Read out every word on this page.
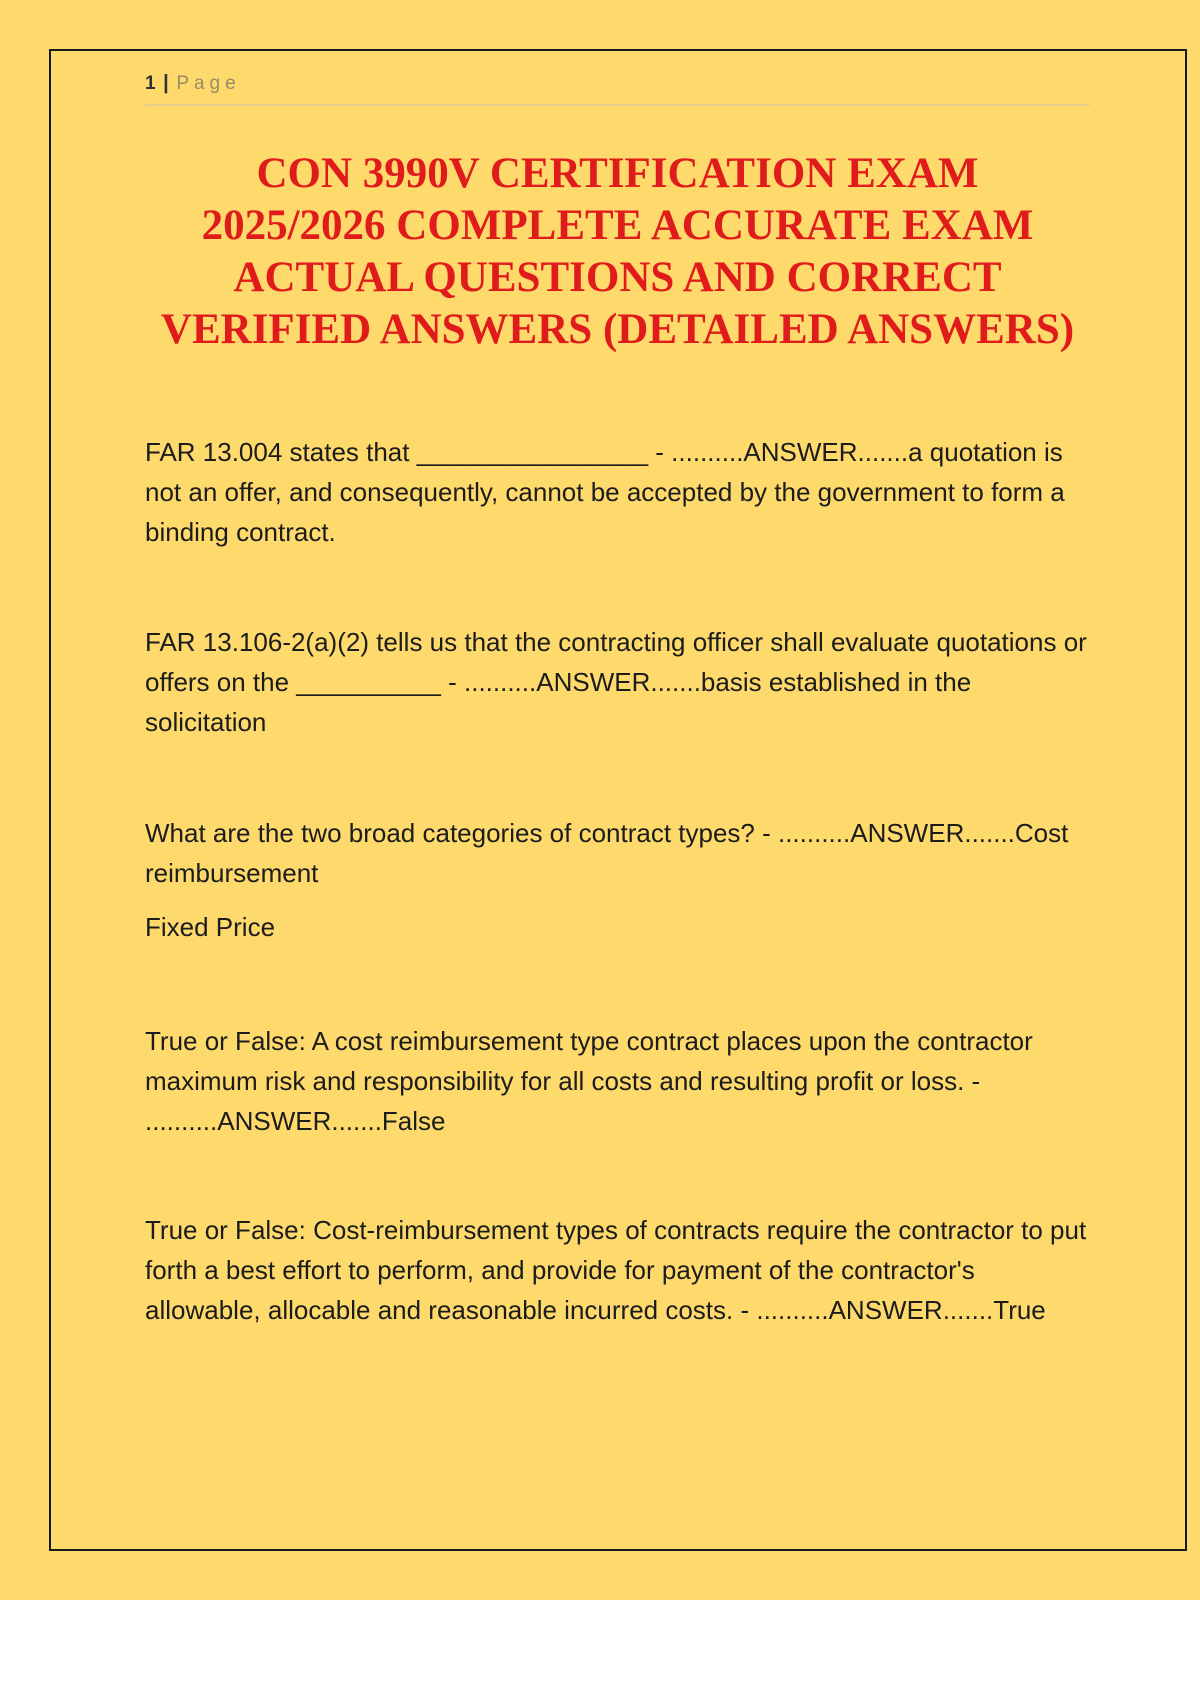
1 | Page
CON 3990V CERTIFICATION EXAM
2025/2026 COMPLETE ACCURATE EXAM
ACTUAL QUESTIONS AND CORRECT
VERIFIED ANSWERS (DETAILED ANSWERS)

FAR 13.004 states that ________________ - ..........ANSWER.......a quotation is not an offer, and consequently, cannot be accepted by the government to form a binding contract.

FAR 13.106-2(a)(2) tells us that the contracting officer shall evaluate quotations or offers on the __________ - ..........ANSWER.......basis established in the solicitation

What are the two broad categories of contract types? - ..........ANSWER.......Cost reimbursement

Fixed Price

True or False: A cost reimbursement type contract places upon the contractor maximum risk and responsibility for all costs and resulting profit or loss. - ..........ANSWER.......False

True or False: Cost-reimbursement types of contracts require the contractor to put forth a best effort to perform, and provide for payment of the contractor's allowable, allocable and reasonable incurred costs. - ..........ANSWER.......True
